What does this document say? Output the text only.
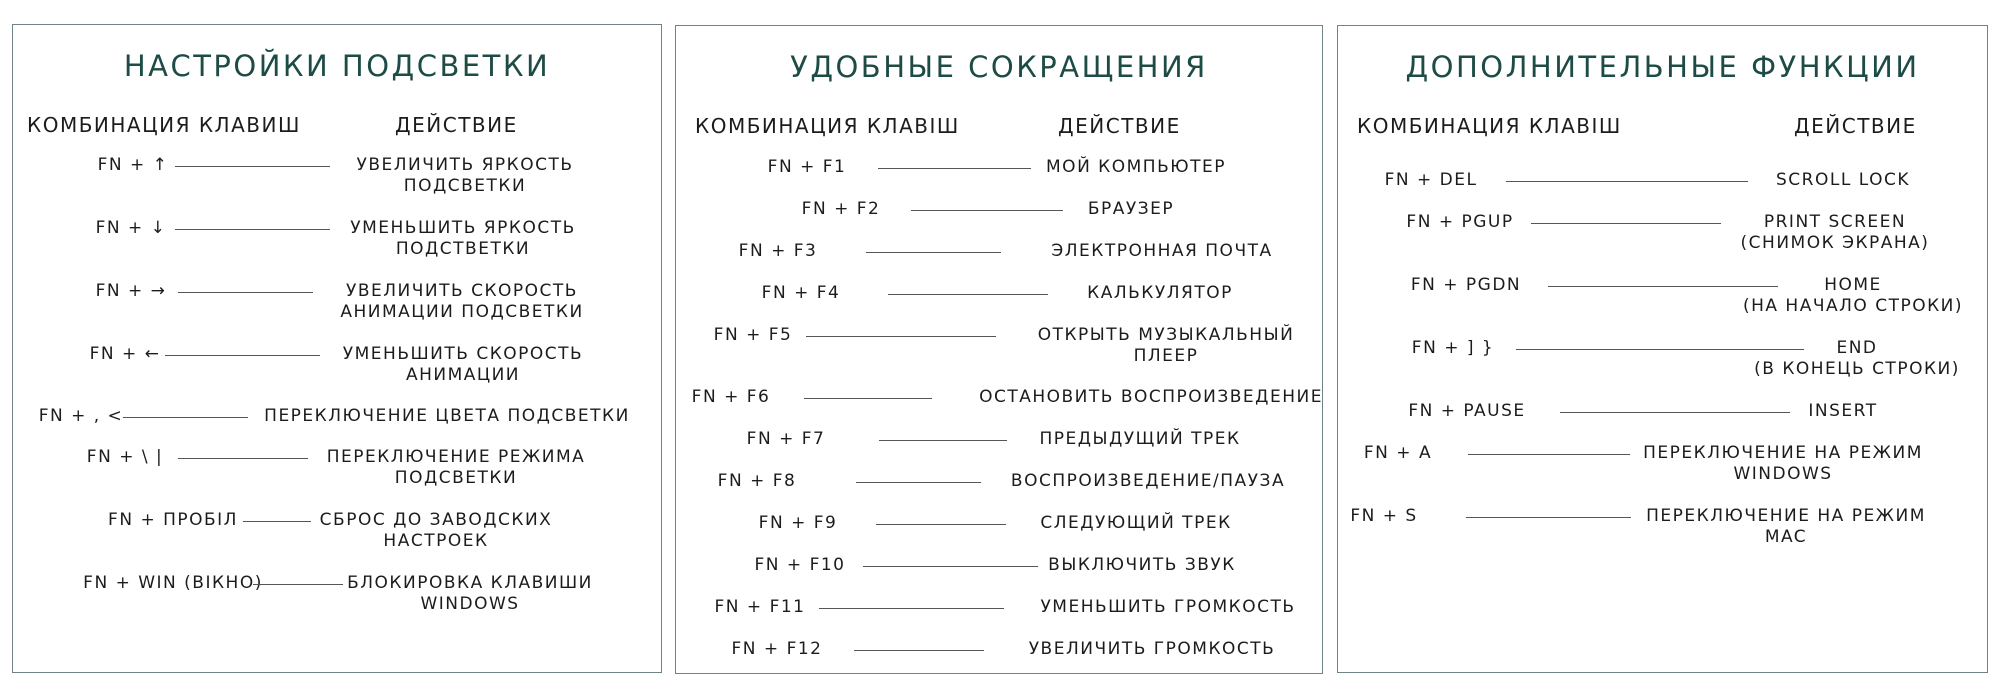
НАСТРОЙКИ ПОДСВЕТКИ
КОМБИНАЦИЯ КЛАВИШ	ДЕЙСТВИЕ
FN + ↑	УВЕЛИЧИТЬ ЯРКОСТЬ
ПОДСВЕТКИ
FN + ↓	УМЕНЬШИТЬ ЯРКОСТЬ
ПОДСТВЕТКИ
FN + →	УВЕЛИЧИТЬ СКОРОСТЬ
АНИМАЦИИ ПОДСВЕТКИ
FN + ←	УМЕНЬШИТЬ СКОРОСТЬ
АНИМАЦИИ
FN + , <	ПЕРЕКЛЮЧЕНИЕ ЦВЕТА ПОДСВЕТКИ
FN + \ |	ПЕРЕКЛЮЧЕНИЕ РЕЖИМА
ПОДСВЕТКИ
FN + ПРОБІЛ	СБРОС ДО ЗАВОДСКИХ
НАСТРОЕК
FN + WIN (ВІКНО)	БЛОКИРОВКА КЛАВИШИ
WINDOWS
УДОБНЫЕ СОКРАЩЕНИЯ
КОМБИНАЦИЯ КЛАВІШ	ДЕЙСТВИЕ
FN + F1	МОЙ КОМПЬЮТЕР
FN + F2	БРАУЗЕР
FN + F3	ЭЛЕКТРОННАЯ ПОЧТА
FN + F4	КАЛЬКУЛЯТОР
FN + F5	ОТКРЫТЬ МУЗЫКАЛЬНЫЙ
ПЛЕЕР
FN + F6	ОСТАНОВИТЬ ВОСПРОИЗВЕДЕНИЕ
FN + F7	ПРЕДЫДУЩИЙ ТРЕК
FN + F8	ВОСПРОИЗВЕДЕНИЕ/ПАУЗА
FN + F9	СЛЕДУЮЩИЙ ТРЕК
FN + F10	ВЫКЛЮЧИТЬ ЗВУК
FN + F11	УМЕНЬШИТЬ ГРОМКОСТЬ
FN + F12	УВЕЛИЧИТЬ ГРОМКОСТЬ
ДОПОЛНИТЕЛЬНЫЕ ФУНКЦИИ
КОМБИНАЦИЯ КЛАВІШ	ДЕЙСТВИЕ
FN + DEL	SCROLL LOCK
FN + PGUP	PRINT SCREEN
(СНИМОК ЭКРАНА)
FN + PGDN	HOME
(НА НАЧАЛО СТРОКИ)
FN + ] }	END
(В КОНЕЦЬ СТРОКИ)
FN + PAUSE	INSERT
FN + A	ПЕРЕКЛЮЧЕНИЕ НА РЕЖИМ
WINDOWS
FN + S	ПЕРЕКЛЮЧЕНИЕ НА РЕЖИМ
MAC
